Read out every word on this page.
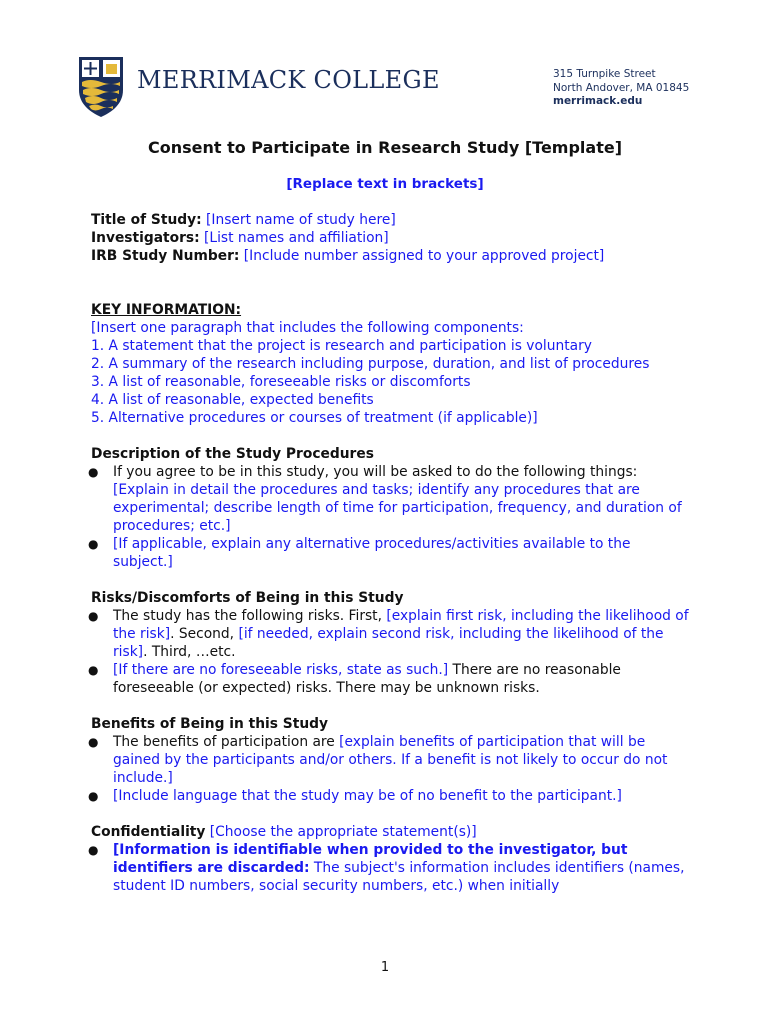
MERRIMACK COLLEGE	315 Turnpike Street
North Andover, MA 01845
merrimack.edu
Consent to Participate in Research Study [Template]
[Replace text in brackets]
Title of Study: [Insert name of study here]
Investigators: [List names and affiliation]
IRB Study Number: [Include number assigned to your approved project]
KEY INFORMATION:
[Insert one paragraph that includes the following components:
1. A statement that the project is research and participation is voluntary
2. A summary of the research including purpose, duration, and list of procedures
3. A list of reasonable, foreseeable risks or discomforts
4. A list of reasonable, expected benefits
5. Alternative procedures or courses of treatment (if applicable)]
Description of the Study Procedures
● If you agree to be in this study, you will be asked to do the following things: [Explain in detail the procedures and tasks; identify any procedures that are experimental; describe length of time for participation, frequency, and duration of procedures; etc.]
● [If applicable, explain any alternative procedures/activities available to the subject.]
Risks/Discomforts of Being in this Study
● The study has the following risks. First, [explain first risk, including the likelihood of the risk]. Second, [if needed, explain second risk, including the likelihood of the risk]. Third, …etc.
● [If there are no foreseeable risks, state as such.] There are no reasonable foreseeable (or expected) risks. There may be unknown risks.
Benefits of Being in this Study
● The benefits of participation are [explain benefits of participation that will be gained by the participants and/or others. If a benefit is not likely to occur do not include.]
● [Include language that the study may be of no benefit to the participant.]
Confidentiality [Choose the appropriate statement(s)]
● [Information is identifiable when provided to the investigator, but identifiers are discarded: The subject's information includes identifiers (names, student ID numbers, social security numbers, etc.) when initially
1
